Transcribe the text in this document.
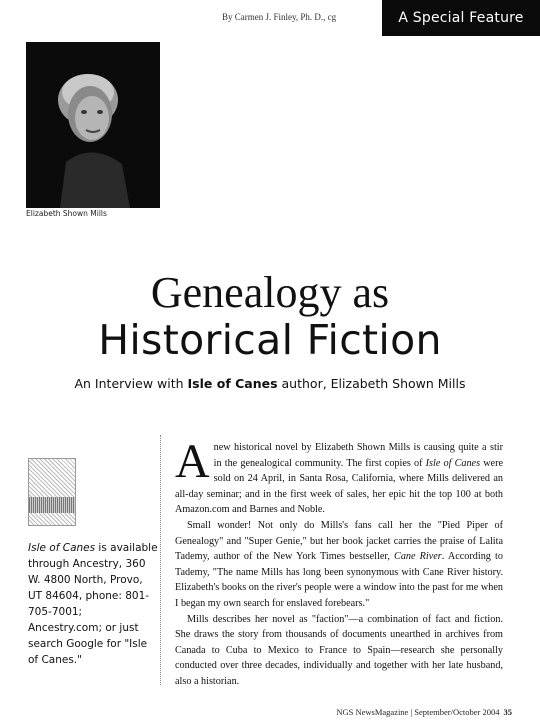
By Carmen J. Finley, Ph. D., cg	A Special Feature
Elizabeth Shown Mills
Genealogy as
Historical Fiction
An Interview with Isle of Canes author, Elizabeth Shown Mills
Isle of Canes is available through Ancestry, 360 W. 4800 North, Provo, UT 84604, phone: 801-705-7001; Ancestry.com; or just search Google for "Isle of Canes."

A new historical novel by Elizabeth Shown Mills is causing quite a stir in the genealogical community. The first copies of Isle of Canes were sold on 24 April, in Santa Rosa, California, where Mills delivered an all-day seminar; and in the first week of sales, her epic hit the top 100 at both Amazon.com and Barnes and Noble.

Small wonder! Not only do Mills's fans call her the "Pied Piper of Genealogy" and "Super Genie," but her book jacket carries the praise of Lalita Tademy, author of the New York Times bestseller, Cane River. According to Tademy, "The name Mills has long been synonymous with Cane River history. Elizabeth's books on the river's people were a window into the past for me when I began my own search for enslaved forebears."

Mills describes her novel as "faction"—a combination of fact and fiction. She draws the story from thousands of documents unearthed in archives from Canada to Cuba to Mexico to France to Spain—research she personally conducted over three decades, individually and together with her late husband, also a historian.

NGS NewsMagazine | September/October 2004 35
